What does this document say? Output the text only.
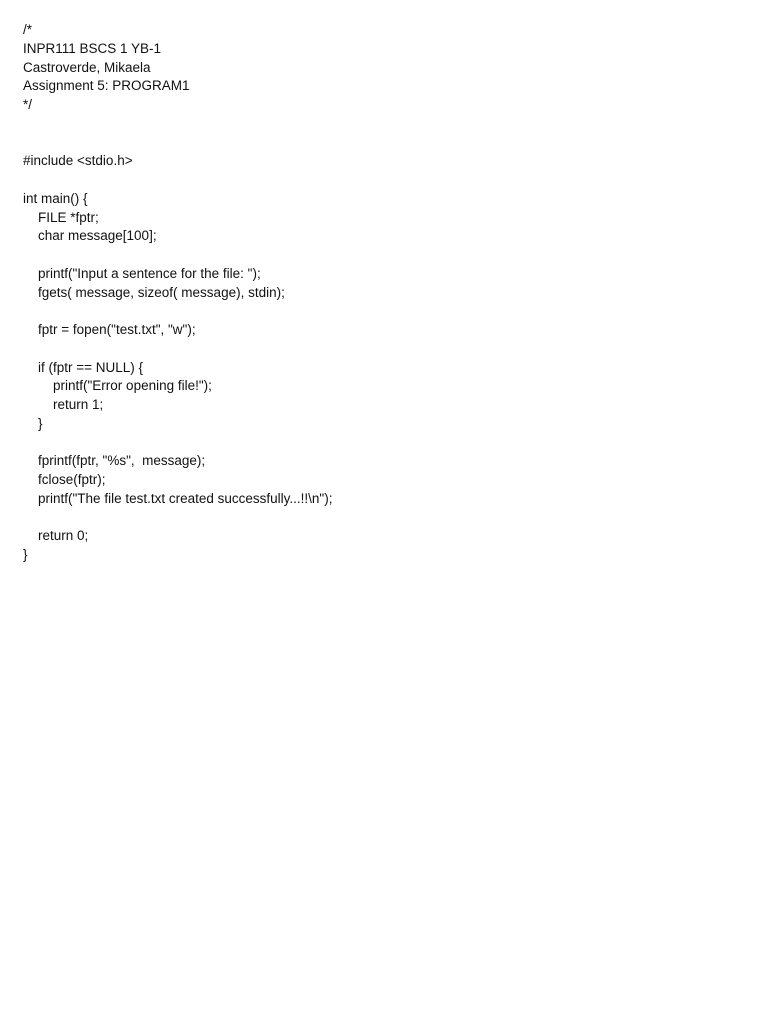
/*
INPR111 BSCS 1 YB-1
Castroverde, Mikaela
Assignment 5: PROGRAM1
*/
#include <stdio.h>
int main() {
FILE *fptr;
char message[100];
printf("Input a sentence for the file: ");
fgets( message, sizeof( message), stdin);
fptr = fopen("test.txt", "w");
if (fptr == NULL) {
printf("Error opening file!");
return 1;
}
fprintf(fptr, "%s",  message);
fclose(fptr);
printf("The file test.txt created successfully...!!\n");
return 0;
}
